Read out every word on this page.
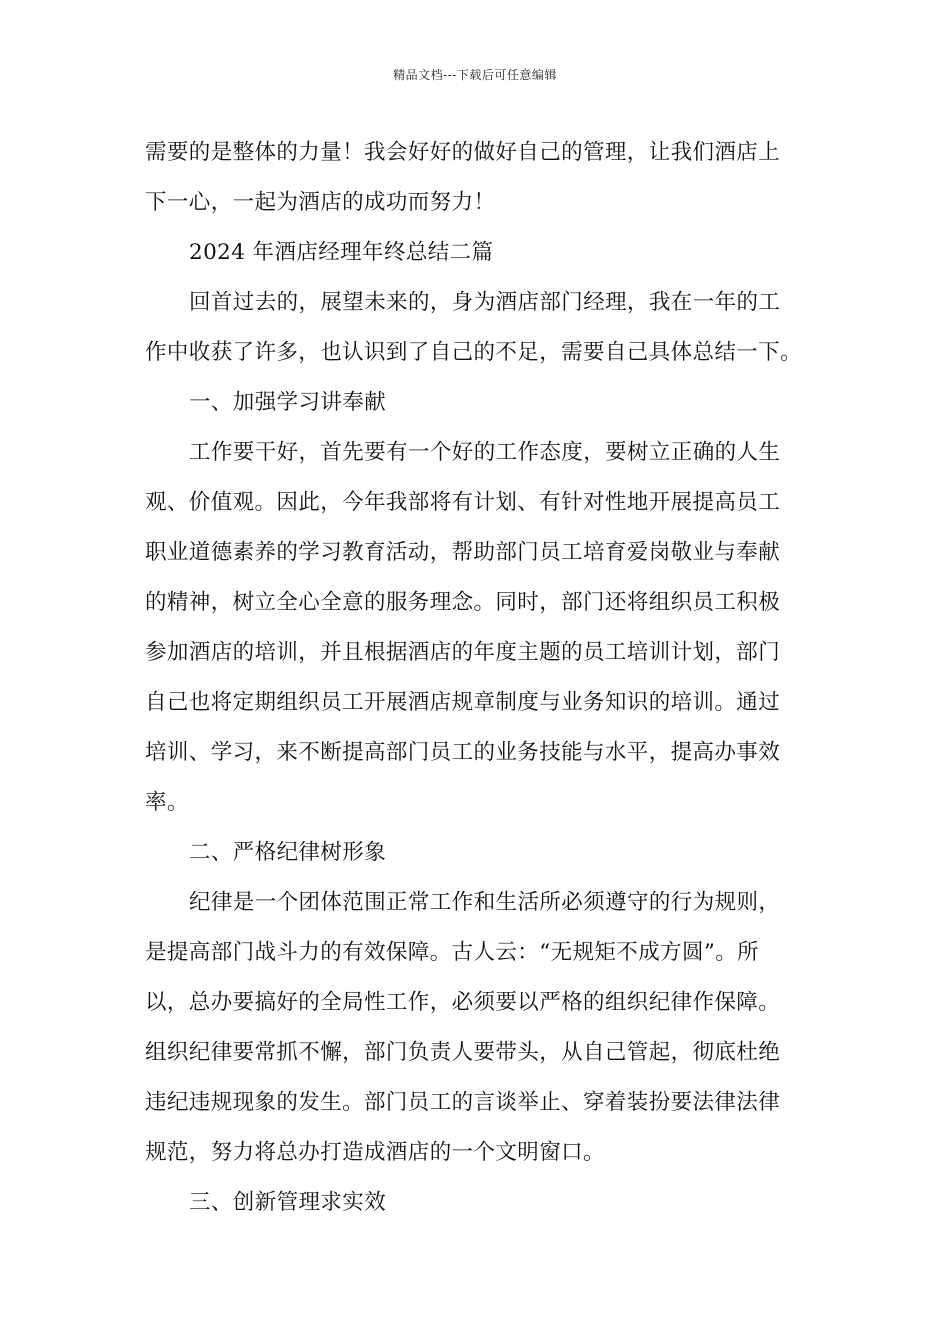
精品文档---下载后可任意编辑
需要的是整体的力量！我会好好的做好自己的管理，让我们酒店上
下一心，一起为酒店的成功而努力！
2024 年酒店经理年终总结二篇
回首过去的，展望未来的，身为酒店部门经理，我在一年的工
作中收获了许多，也认识到了自己的不足，需要自己具体总结一下。
一、加强学习讲奉献
工作要干好，首先要有一个好的工作态度，要树立正确的人生
观、价值观。因此，今年我部将有计划、有针对性地开展提高员工
职业道德素养的学习教育活动，帮助部门员工培育爱岗敬业与奉献
的精神，树立全心全意的服务理念。同时，部门还将组织员工积极
参加酒店的培训，并且根据酒店的年度主题的员工培训计划，部门
自己也将定期组织员工开展酒店规章制度与业务知识的培训。通过
培训、学习，来不断提高部门员工的业务技能与水平，提高办事效
率。
二、严格纪律树形象
纪律是一个团体范围正常工作和生活所必须遵守的行为规则，
是提高部门战斗力的有效保障。古人云：“无规矩不成方圆”。所
以，总办要搞好的全局性工作，必须要以严格的组织纪律作保障。
组织纪律要常抓不懈，部门负责人要带头，从自己管起，彻底杜绝
违纪违规现象的发生。部门员工的言谈举止、穿着装扮要法律法律
规范，努力将总办打造成酒店的一个文明窗口。
三、创新管理求实效
